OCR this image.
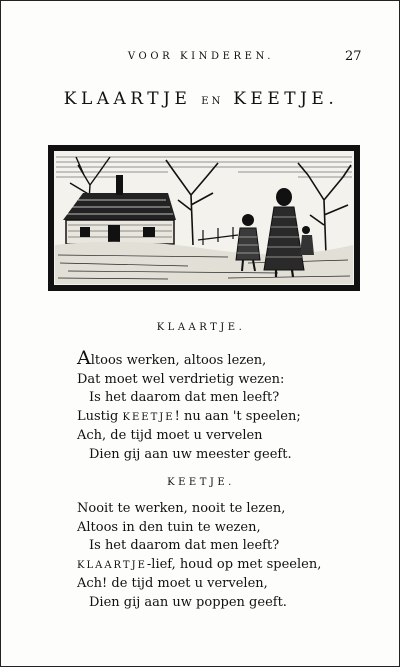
VOOR KINDEREN.	27
KLAARTJE EN KEETJE.
KLAARTJE.
Altoos werken, altoos lezen,
Dat moet wel verdrietig wezen:
Is het daarom dat men leeft?
Lustig KEETJE! nu aan 't speelen;
Ach, de tijd moet u vervelen
Dien gij aan uw meester geeft.
KEETJE.
Nooit te werken, nooit te lezen,
Altoos in den tuin te wezen,
Is het daarom dat men leeft?
KLAARTJE-lief, houd op met speelen,
Ach! de tijd moet u vervelen,
Dien gij aan uw poppen geeft.
